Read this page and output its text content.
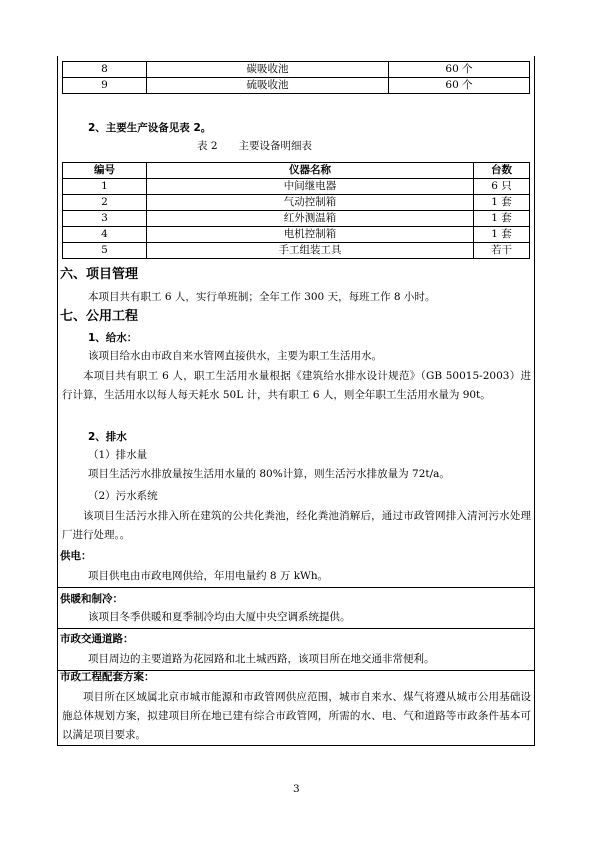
8	碳吸收池	60 个
9	硫吸收池	60 个
2、主要生产设备见表 2。
表 2　　主要设备明细表
编号	仪器名称	台数
1	中间继电器	6 只
2	气动控制箱	1 套
3	红外测温箱	1 套
4	电机控制箱	1 套
5	手工组装工具	若干
六、项目管理
本项目共有职工 6 人，实行单班制；全年工作 300 天，每班工作 8 小时。
七、公用工程
1、给水：
该项目给水由市政自来水管网直接供水，主要为职工生活用水。
本项目共有职工 6 人，职工生活用水量根据《建筑给水排水设计规范》（GB 50015-2003）进行计算，生活用水以每人每天耗水 50L 计，共有职工 6 人，则全年职工生活用水量为 90t。
2、排水
（1）排水量
项目生活污水排放量按生活用水量的 80%计算，则生活污水排放量为 72t/a。
（2）污水系统
该项目生活污水排入所在建筑的公共化粪池，经化粪池消解后，通过市政管网排入清河污水处理厂进行处理。。
供电：
项目供电由市政电网供给，年用电量约 8 万 kWh。
供暖和制冷：
该项目冬季供暖和夏季制冷均由大厦中央空调系统提供。
市政交通道路：
项目周边的主要道路为花园路和北土城西路，该项目所在地交通非常便利。
市政工程配套方案：
项目所在区域属北京市城市能源和市政管网供应范围，城市自来水、煤气将遵从城市公用基础设施总体规划方案，拟建项目所在地已建有综合市政管网，所需的水、电、气和道路等市政条件基本可以满足项目要求。
3
